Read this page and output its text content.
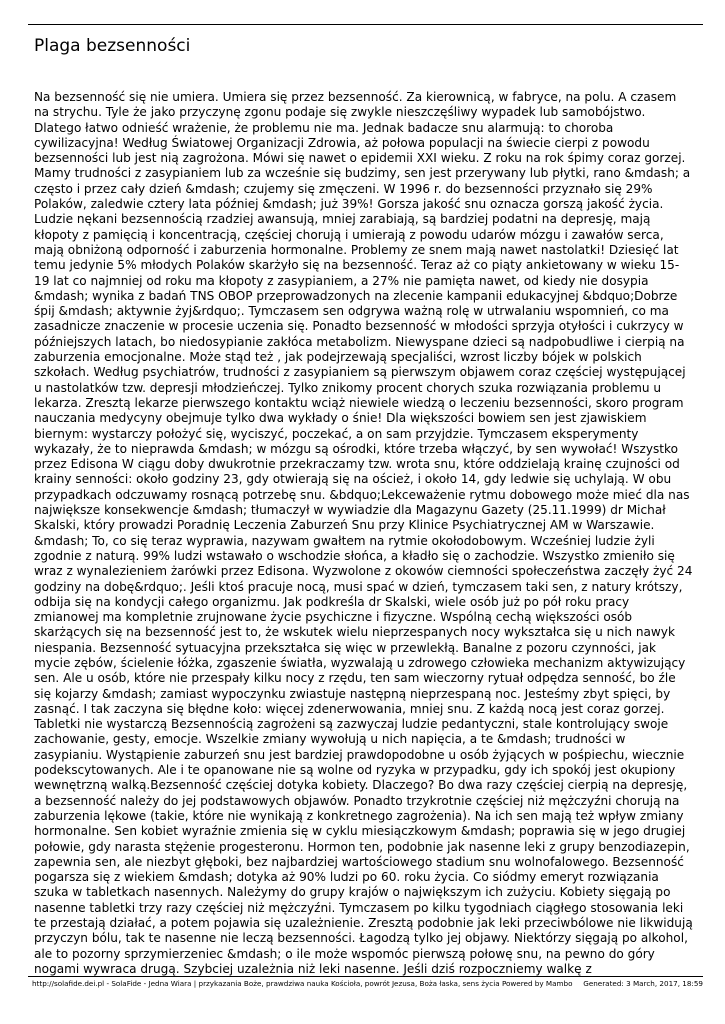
Plaga bezsenności

Na bezsenność się nie umiera. Umiera się przez bezsenność. Za kierownicą, w fabryce, na polu. A czasem na strychu. Tyle że jako przyczynę zgonu podaje się zwykle nieszczęśliwy wypadek lub samobójstwo. Dlatego łatwo odnieść wrażenie, że problemu nie ma. Jednak badacze snu alarmują: to choroba cywilizacyjna! Według Światowej Organizacji Zdrowia, aż połowa populacji na świecie cierpi z powodu bezsenności lub jest nią zagrożona. Mówi się nawet o epidemii XXI wieku. Z roku na rok śpimy coraz gorzej. Mamy trudności z zasypianiem lub za wcześnie się budzimy, sen jest przerywany lub płytki, rano &mdash; a często i przez cały dzień &mdash; czujemy się zmęczeni. W 1996 r. do bezsenności przyznało się 29% Polaków, zaledwie cztery lata później &mdash; już 39%! Gorsza jakość snu oznacza gorszą jakość życia. Ludzie nękani bezsennością rzadziej awansują, mniej zarabiają, są bardziej podatni na depresję, mają kłopoty z pamięcią i koncentracją, częściej chorują i umierają z powodu udarów mózgu i zawałów serca, mają obniżoną odporność i zaburzenia hormonalne. Problemy ze snem mają nawet nastolatki! Dziesięć lat temu jedynie 5% młodych Polaków skarżyło się na bezsenność. Teraz aż co piąty ankietowany w wieku 15-19 lat co najmniej od roku ma kłopoty z zasypianiem, a 27% nie pamięta nawet, od kiedy nie dosypia &mdash; wynika z badań TNS OBOP przeprowadzonych na zlecenie kampanii edukacyjnej &bdquo;Dobrze śpij &mdash; aktywnie żyj&rdquo;. Tymczasem sen odgrywa ważną rolę w utrwalaniu wspomnień, co ma zasadnicze znaczenie w procesie uczenia się. Ponadto bezsenność w młodości sprzyja otyłości i cukrzycy w późniejszych latach, bo niedosypianie zakłóca metabolizm. Niewyspane dzieci są nadpobudliwe i cierpią na zaburzenia emocjonalne. Może stąd też , jak podejrzewają specjaliści, wzrost liczby bójek w polskich szkołach. Według psychiatrów, trudności z zasypianiem są pierwszym objawem coraz częściej występującej u nastolatków tzw. depresji młodzieńczej. Tylko znikomy procent chorych szuka rozwiązania problemu u lekarza. Zresztą lekarze pierwszego kontaktu wciąż niewiele wiedzą o leczeniu bezsenności, skoro program nauczania medycyny obejmuje tylko dwa wykłady o śnie! Dla większości bowiem sen jest zjawiskiem biernym: wystarczy położyć się, wyciszyć, poczekać, a on sam przyjdzie. Tymczasem eksperymenty wykazały, że to nieprawda &mdash; w mózgu są ośrodki, które trzeba włączyć, by sen wywołać! Wszystko przez Edisona W ciągu doby dwukrotnie przekraczamy tzw. wrota snu, które oddzielają krainę czujności od krainy senności: około godziny 23, gdy otwierają się na oścież, i około 14, gdy ledwie się uchylają. W obu przypadkach odczuwamy rosnącą potrzebę snu. &bdquo;Lekceważenie rytmu dobowego może mieć dla nas największe konsekwencje &mdash; tłumaczył w wywiadzie dla Magazynu Gazety (25.11.1999) dr Michał Skalski, który prowadzi Poradnię Leczenia Zaburzeń Snu przy Klinice Psychiatrycznej AM w Warszawie. &mdash; To, co się teraz wyprawia, nazywam gwałtem na rytmie okołodobowym. Wcześniej ludzie żyli zgodnie z naturą. 99% ludzi wstawało o wschodzie słońca, a kładło się o zachodzie. Wszystko zmieniło się wraz z wynalezieniem żarówki przez Edisona. Wyzwolone z okowów ciemności społeczeństwa zaczęły żyć 24 godziny na dobę&rdquo;. Jeśli ktoś pracuje nocą, musi spać w dzień, tymczasem taki sen, z natury krótszy, odbija się na kondycji całego organizmu. Jak podkreśla dr Skalski, wiele osób już po pół roku pracy zmianowej ma kompletnie zrujnowane życie psychiczne i fizyczne. Wspólną cechą większości osób skarżących się na bezsenność jest to, że wskutek wielu nieprzespanych nocy wykształca się u nich nawyk niespania. Bezsenność sytuacyjna przekształca się więc w przewlekłą. Banalne z pozoru czynności, jak mycie zębów, ścielenie łóżka, zgaszenie światła, wyzwalają u zdrowego człowieka mechanizm aktywizujący sen. Ale u osób, które nie przespały kilku nocy z rzędu, ten sam wieczorny rytuał odpędza senność, bo źle się kojarzy &mdash; zamiast wypoczynku zwiastuje następną nieprzespaną noc. Jesteśmy zbyt spięci, by zasnąć. I tak zaczyna się błędne koło: więcej zdenerwowania, mniej snu. Z każdą nocą jest coraz gorzej. Tabletki nie wystarczą Bezsennością zagrożeni są zazwyczaj ludzie pedantyczni, stale kontrolujący swoje zachowanie, gesty, emocje. Wszelkie zmiany wywołują u nich napięcia, a te &mdash; trudności w zasypianiu. Wystąpienie zaburzeń snu jest bardziej prawdopodobne u osób żyjących w pośpiechu, wiecznie podekscytowanych. Ale i te opanowane nie są wolne od ryzyka w przypadku, gdy ich spokój jest okupiony wewnętrzną walką.Bezsenność częściej dotyka kobiety. Dlaczego? Bo dwa razy częściej cierpią na depresję, a bezsenność należy do jej podstawowych objawów. Ponadto trzykrotnie częściej niż mężczyźni chorują na zaburzenia lękowe (takie, które nie wynikają z konkretnego zagrożenia). Na ich sen mają też wpływ zmiany hormonalne. Sen kobiet wyraźnie zmienia się w cyklu miesiączkowym &mdash; poprawia się w jego drugiej połowie, gdy narasta stężenie progesteronu. Hormon ten, podobnie jak nasenne leki z grupy benzodiazepin, zapewnia sen, ale niezbyt głęboki, bez najbardziej wartościowego stadium snu wolnofalowego. Bezsenność pogarsza się z wiekiem &mdash; dotyka aż 90% ludzi po 60. roku życia. Co siódmy emeryt rozwiązania szuka w tabletkach nasennych. Należymy do grupy krajów o największym ich zużyciu. Kobiety sięgają po nasenne tabletki trzy razy częściej niż mężczyźni. Tymczasem po kilku tygodniach ciągłego stosowania leki te przestają działać, a potem pojawia się uzależnienie. Zresztą podobnie jak leki przeciwbólowe nie likwidują przyczyn bólu, tak te nasenne nie leczą bezsenności. Łagodzą tylko jej objawy. Niektórzy sięgają po alkohol, ale to pozorny sprzymierzeniec &mdash; o ile może wspomóc pierwszą połowę snu, na pewno do góry nogami wywraca drugą. Szybciej uzależnia niż leki nasenne. Jeśli dziś rozpoczniemy walkę z

http://solafide.dei.pl - SolaFide - Jedna Wiara | przykazania Boże, prawdziwa nauka Kościoła, powrót Jezusa, Boża łaska, sens życia Powered by Mambo Generated: 3 March, 2017, 18:59
